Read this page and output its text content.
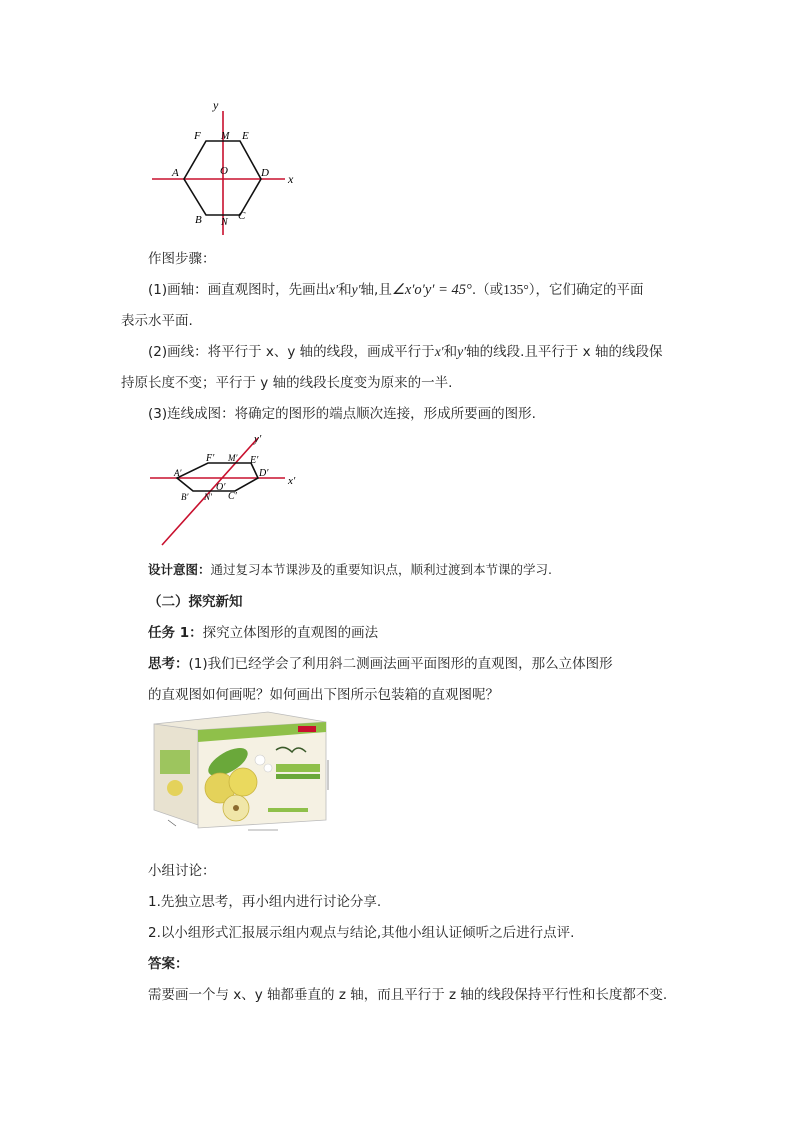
y
x
F M E
A	O	D
B N
C
作图步骤：
(1)画轴：画直观图时，先画出x′和y′轴,且∠x′o′y′ = 45°.（或135°），它们确定的平面
表示水平面.
(2)画线：将平行于 x、y 轴的线段，画成平行于x′和y′轴的线段.且平行于 x 轴的线段保
持原长度不变；平行于 y 轴的线段长度变为原来的一半.
(3)连线成图：将确定的图形的端点顺次连接，形成所要画的图形.
y′
x′
F′ M′ E′
A′	D′
B′ N′
O′
C′
设计意图：通过复习本节课涉及的重要知识点，顺利过渡到本节课的学习.
（二）探究新知
任务 1：探究立体图形的直观图的画法
思考：(1)我们已经学会了利用斜二测画法画平面图形的直观图，那么立体图形
的直观图如何画呢？如何画出下图所示包装箱的直观图呢？
小组讨论：
1.先独立思考，再小组内进行讨论分享.
2.以小组形式汇报展示组内观点与结论,其他小组认证倾听之后进行点评.
答案：
需要画一个与 x、y 轴都垂直的 z 轴，而且平行于 z 轴的线段保持平行性和长度都不变.
